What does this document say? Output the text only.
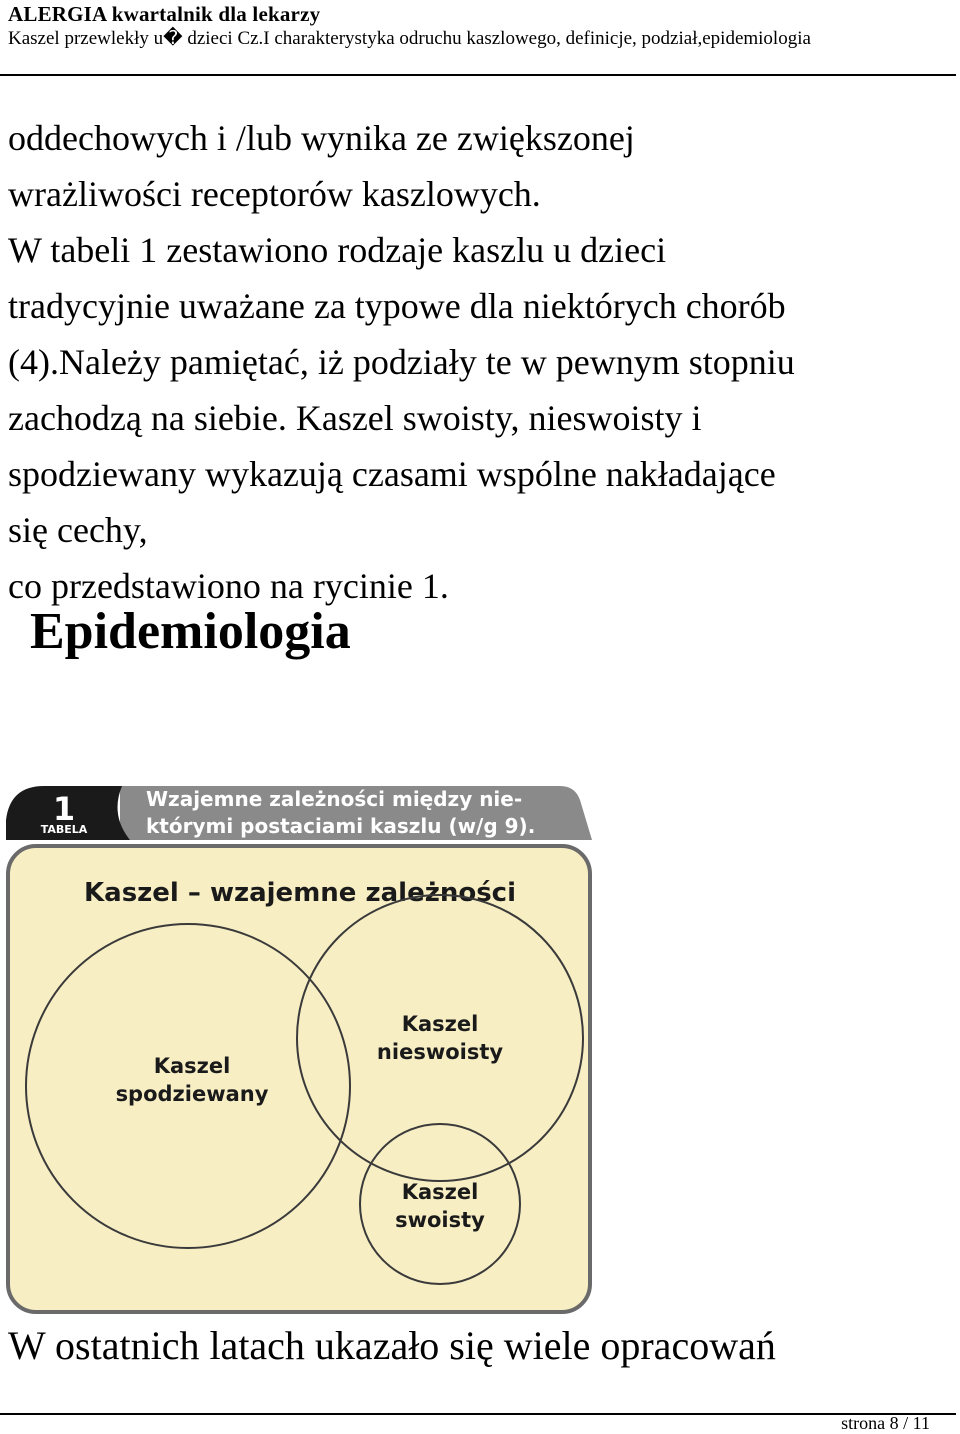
ALERGIA kwartalnik dla lekarzy
Kaszel przewlekły u� dzieci Cz.I charakterystyka odruchu kaszlowego, definicje, podział,epidemiologia
oddechowych i /lub wynika ze zwiększonej
wrażliwości receptorów kaszlowych.
W tabeli 1 zestawiono rodzaje kaszlu u dzieci
tradycyjnie uważane za typowe dla niektórych chorób
(4).Należy pamiętać, iż podziały te w pewnym stopniu
zachodzą na siebie. Kaszel swoisty, nieswoisty i
spodziewany wykazują czasami wspólne nakładające
się cechy,
co przedstawiono na rycinie 1.
Epidemiologia
1
TABELA
Wzajemne zależności między nie-
którymi postaciami kaszlu (w/g 9).
Kaszel – wzajemne zależności
Kaszel
spodziewany
Kaszel
nieswoisty
Kaszel
swoisty
W ostatnich latach ukazało się wiele opracowań
strona 8 / 11
